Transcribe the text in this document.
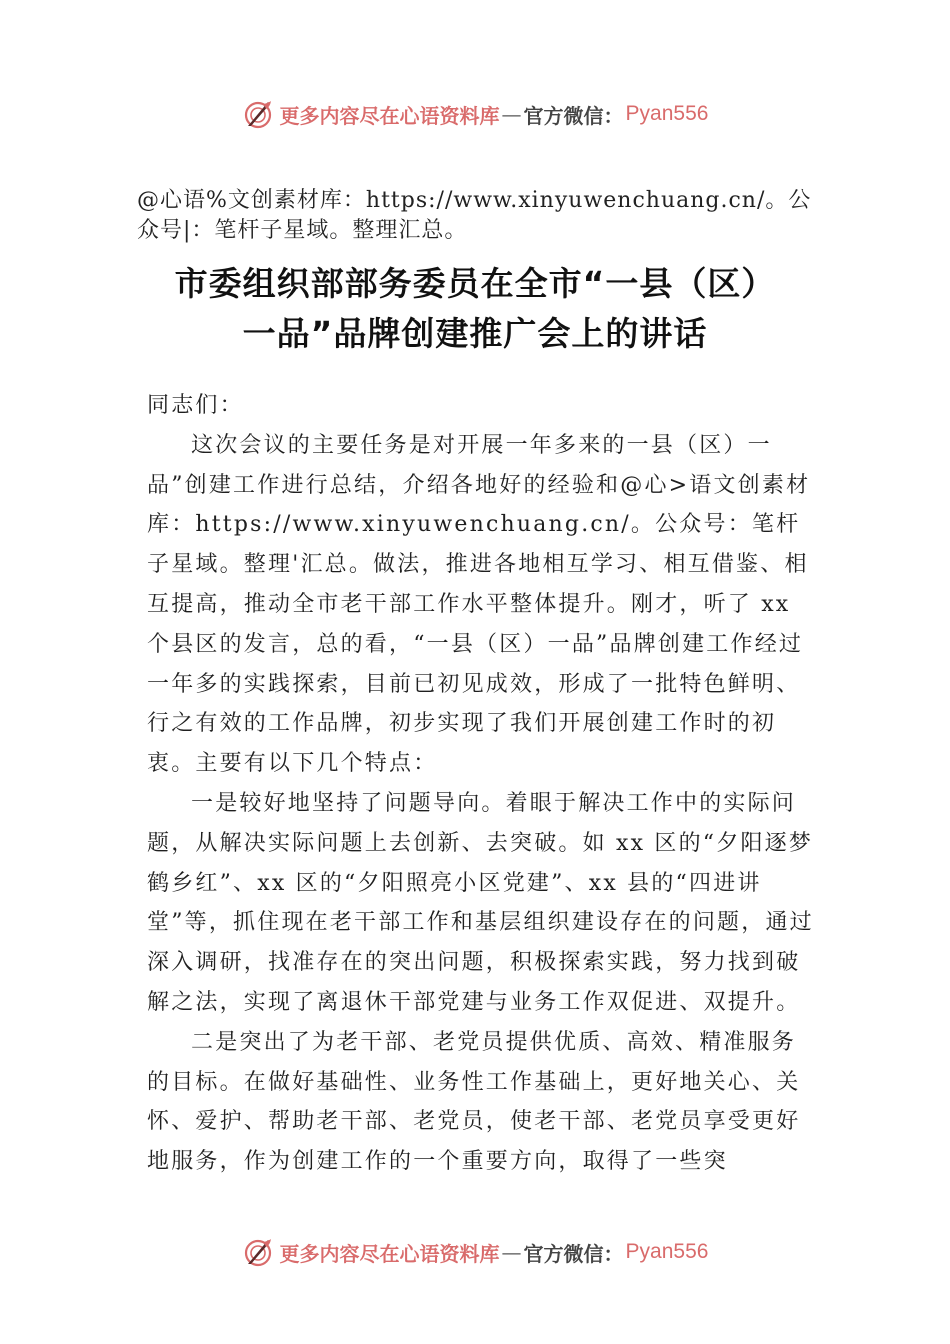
更多内容尽在心语资料库 — 官方微信： Pyan556
@心语%文创素材库：https://www.xinyuwenchuang.cn/。公众号|：笔杆子星域。整理汇总。
市委组织部部务委员在全市“一县（区）
一品”品牌创建推广会上的讲话

同志们：

这次会议的主要任务是对开展一年多来的一县（区）一品”创建工作进行总结，介绍各地好的经验和@心>语文创素材库：https://www.xinyuwenchuang.cn/。公众号：笔杆子星域。整理'汇总。做法，推进各地相互学习、相互借鉴、相互提高，推动全市老干部工作水平整体提升。刚才，听了 xx 个县区的发言，总的看，“一县（区）一品”品牌创建工作经过一年多的实践探索，目前已初见成效，形成了一批特色鲜明、行之有效的工作品牌，初步实现了我们开展创建工作时的初衷。主要有以下几个特点：

一是较好地坚持了问题导向。着眼于解决工作中的实际问题，从解决实际问题上去创新、去突破。如 xx 区的“夕阳逐梦鹤乡红”、xx 区的“夕阳照亮小区党建”、xx 县的“四进讲堂”等，抓住现在老干部工作和基层组织建设存在的问题，通过深入调研，找准存在的突出问题，积极探索实践，努力找到破解之法，实现了离退休干部党建与业务工作双促进、双提升。

二是突出了为老干部、老党员提供优质、高效、精准服务的目标。在做好基础性、业务性工作基础上，更好地关心、关怀、爱护、帮助老干部、老党员，使老干部、老党员享受更好地服务，作为创建工作的一个重要方向，取得了一些突

更多内容尽在心语资料库 — 官方微信： Pyan556
